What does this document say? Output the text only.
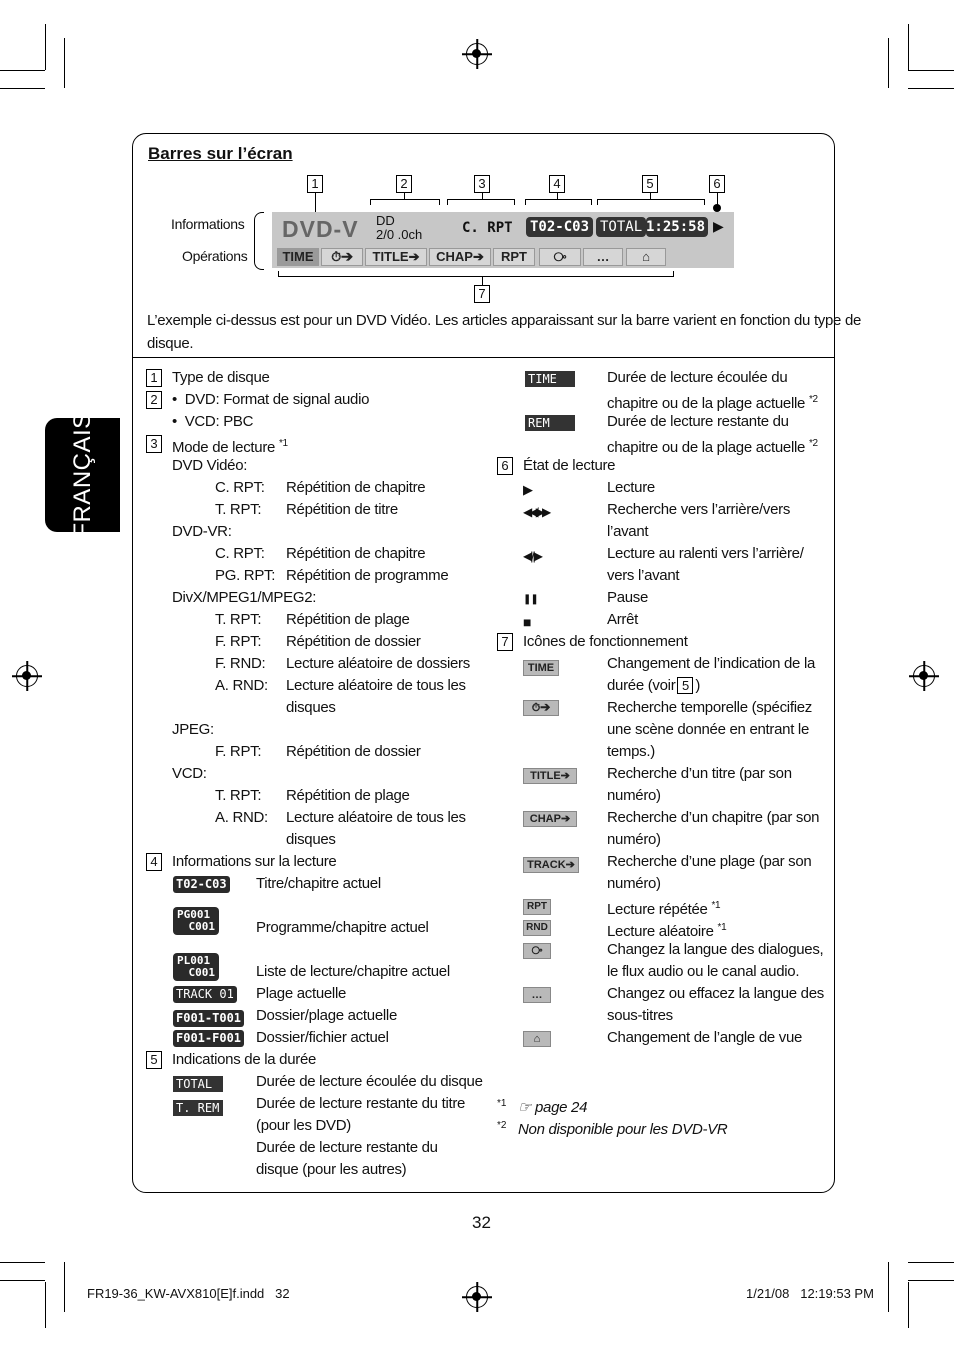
FRANÇAIS
Barres sur l’écran
1	2	3	4	5	6
7
Informations
Opérations
DVD-V DD
2/0 .0ch	C. RPT T02-C03 TOTAL 1:25:58 ▶
TIME	⏱➔	TITLE➔	CHAP➔	RPT	⧂	…	⌂
L’exemple ci-dessus est pour un DVD Vidéo. Les articles apparaissant sur la barre varient en fonction du type de
disque.
1 Type de disque
2 •  DVD: Format de signal audio
•  VCD: PBC
3 Mode de lecture $^{*1}$
DVD Vidéo:
C. RPT: Répétition de chapitre
T. RPT: Répétition de titre
DVD-VR:
C. RPT: Répétition de chapitre
PG. RPT: Répétition de programme
DivX/MPEG1/MPEG2:
T. RPT: Répétition de plage
F. RPT: Répétition de dossier
F. RND: Lecture aléatoire de dossiers
A. RND: Lecture aléatoire de tous les
disques
JPEG:
F. RPT: Répétition de dossier
VCD:
T. RPT: Répétition de plage
A. RND: Lecture aléatoire de tous les
disques
4 Informations sur la lecture
T02-C03 Titre/chapitre actuel
PG001
C001	Programme/chapitre actuel
PL001
C001	Liste de lecture/chapitre actuel
TRACK 01 Plage actuelle
F001-T001 Dossier/plage actuelle
F001-F001 Dossier/fichier actuel
5 Indications de la durée
TOTAL	Durée de lecture écoulée du disque
T. REM Durée de lecture restante du titre
(pour les DVD)
Durée de lecture restante du
disque (pour les autres)
TIME	Durée de lecture écoulée du
chapitre ou de la plage actuelle $^{*2}$
REM	Durée de lecture restante du
chapitre ou de la plage actuelle $^{*2}$
6 État de lecture
▶	Lecture
◀◀/▶▶	Recherche vers l’arrière/vers
l’avant
◀|/|▶	Lecture au ralenti vers l’arrière/
vers l’avant
❚❚	Pause
■	Arrêt
7 Icônes de fonctionnement
TIME	Changement de l’indication de la
durée (voir 5 )
⏱➔	Recherche temporelle (spécifiez
une scène donnée en entrant le
temps.)
TITLE➔	Recherche d’un titre (par son
numéro)
CHAP➔	Recherche d’un chapitre (par son
numéro)
TRACK➔ Recherche d’une plage (par son
numéro)
RPT	Lecture répétée $^{*1}$
RND	Lecture aléatoire $^{*1}$
⧂	Changez la langue des dialogues,
le flux audio ou le canal audio.
…	Changez ou effacez la langue des
sous-titres
⌂	Changement de l’angle de vue
*1 ☞ page 24
*2 Non disponible pour les DVD-VR
32
FR19-36_KW-AVX810[E]f.indd   32	1/21/08   12:19:53 PM
